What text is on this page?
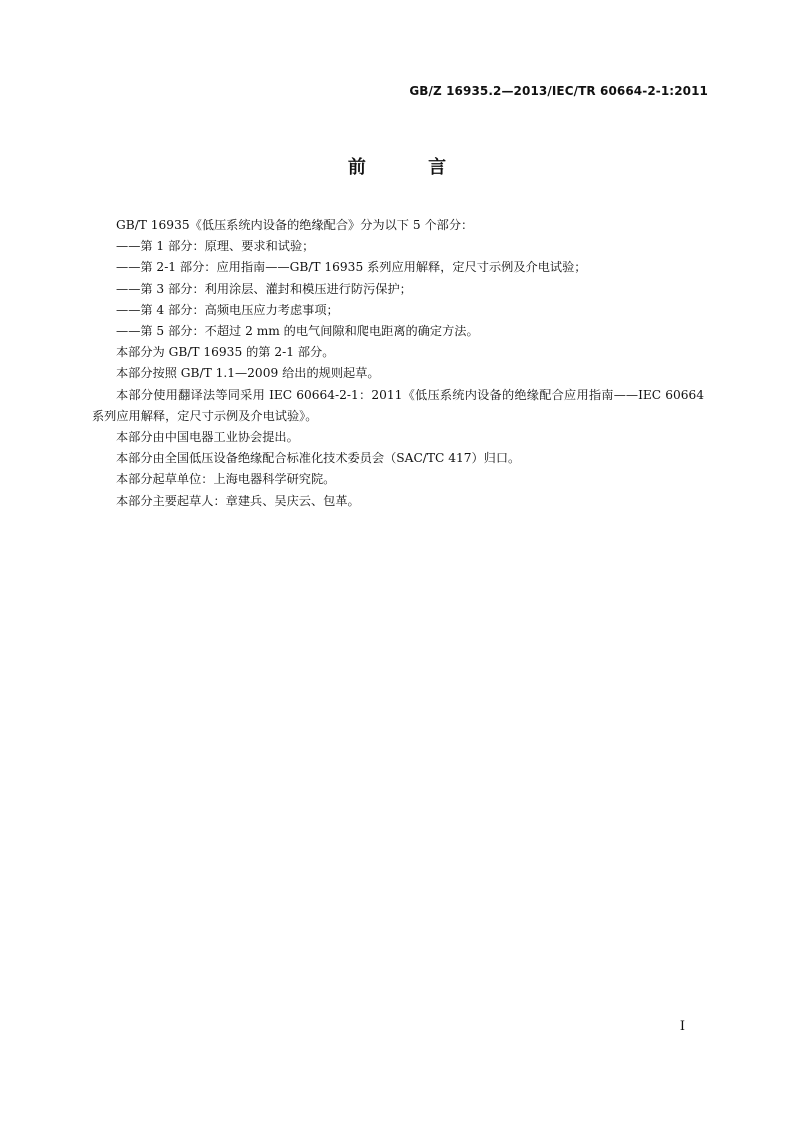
GB/Z 16935.2—2013/IEC/TR 60664-2-1:2011
前 言

GB/T 16935《低压系统内设备的绝缘配合》分为以下 5 个部分：

——第 1 部分：原理、要求和试验；

——第 2-1 部分：应用指南——GB/T 16935 系列应用解释，定尺寸示例及介电试验；

——第 3 部分：利用涂层、灌封和模压进行防污保护；

——第 4 部分：高频电压应力考虑事项；

——第 5 部分：不超过 2 mm 的电气间隙和爬电距离的确定方法。

本部分为 GB/T 16935 的第 2-1 部分。

本部分按照 GB/T 1.1—2009 给出的规则起草。

本部分使用翻译法等同采用 IEC 60664-2-1：2011《低压系统内设备的绝缘配合应用指南——IEC 60664 系列应用解释，定尺寸示例及介电试验》。

本部分由中国电器工业协会提出。

本部分由全国低压设备绝缘配合标准化技术委员会（SAC/TC 417）归口。

本部分起草单位：上海电器科学研究院。

本部分主要起草人：章建兵、吴庆云、包革。

I
